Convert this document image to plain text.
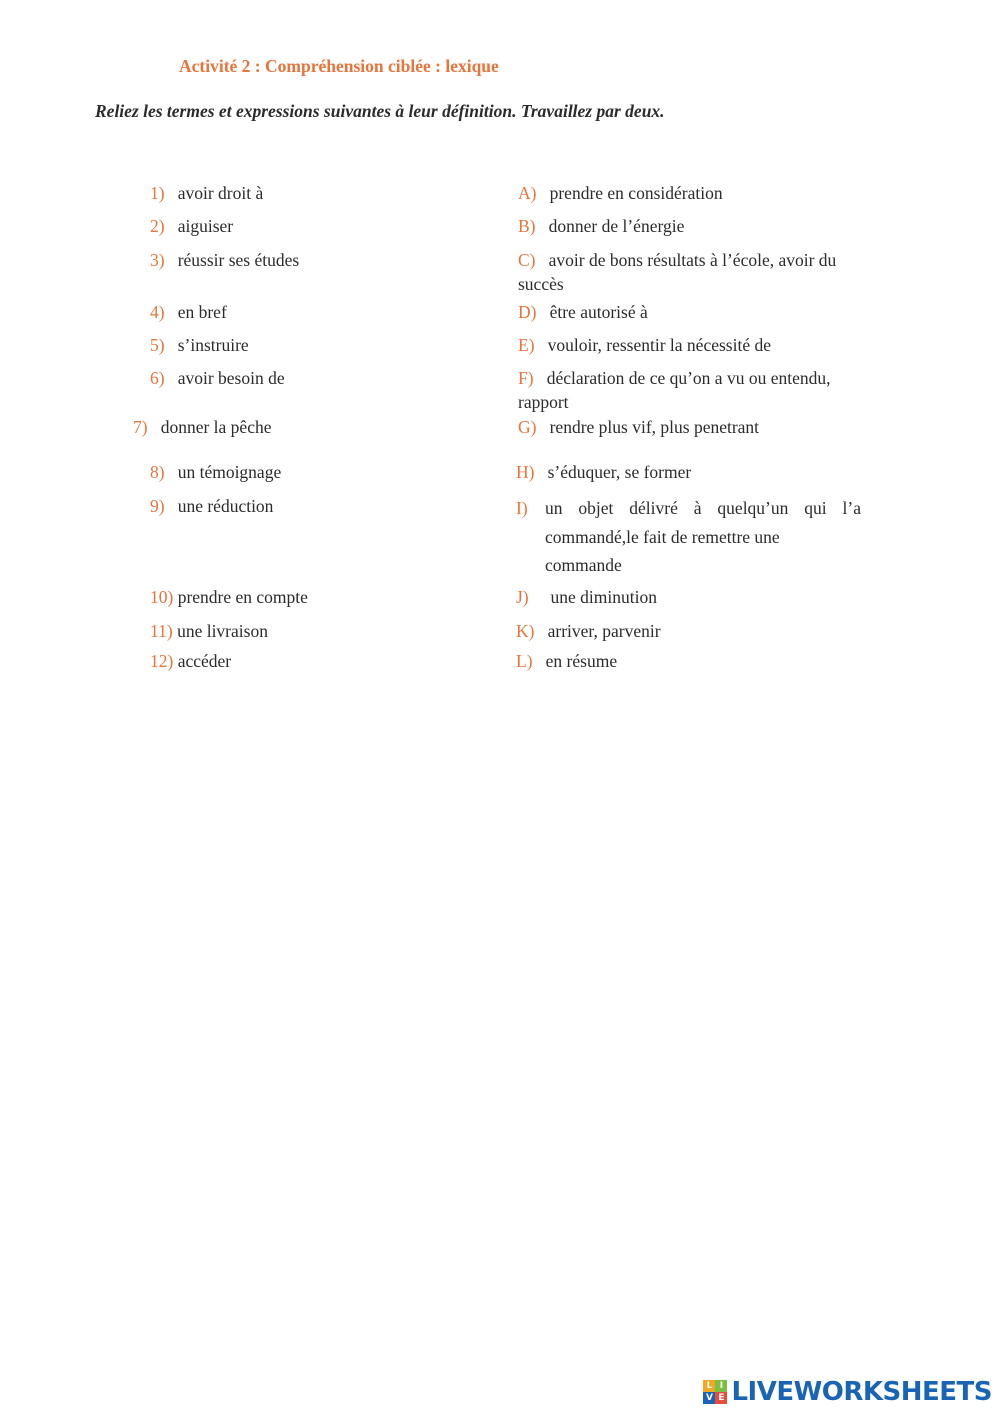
Activité 2 : Compréhension ciblée : lexique
Reliez les termes et expressions suivantes à leur définition. Travaillez par deux.
1) avoir droit à
2) aiguiser
3) réussir ses études
4) en bref
5) s’instruire
6) avoir besoin de
7) donner la pêche
8) un témoignage
9) une réduction
10) prendre en compte
11) une livraison
12) accéder
A) prendre en considération
B) donner de l’énergie
C) avoir de bons résultats à l’école, avoir du
succès
D) être autorisé à
E) vouloir, ressentir la nécessité de
F) déclaration de ce qu’on a vu ou entendu,
rapport
G) rendre plus vif, plus penetrant
H) s’éduquer, se former
I) un objet délivré à quelqu’un qui l’a
commandé,le fait de remettre une
commande
J) une diminution
K) arriver, parvenir
L) en résume
L I
V E LIVEWORKSHEETS
